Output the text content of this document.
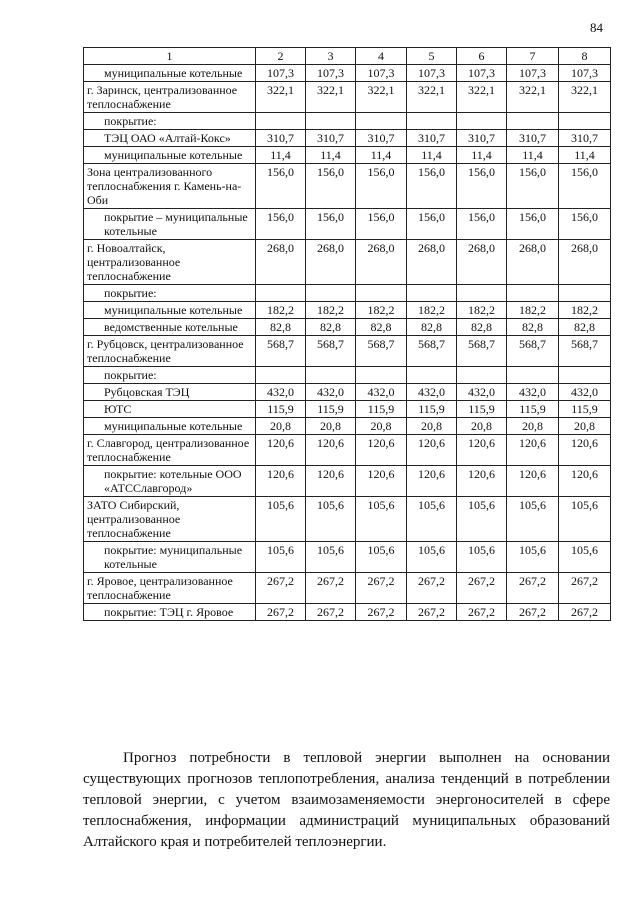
84
1	2	3	4	5	6	7	8
муниципальные котельные	107,3	107,3	107,3	107,3	107,3	107,3	107,3
г. Заринск, централизованное теплоснабжение	322,1	322,1	322,1	322,1	322,1	322,1	322,1
покрытие:							
ТЭЦ ОАО «Алтай-Кокс»	310,7	310,7	310,7	310,7	310,7	310,7	310,7
муниципальные котельные	11,4	11,4	11,4	11,4	11,4	11,4	11,4
Зона централизованного теплоснабжения г. Камень-на-Оби	156,0	156,0	156,0	156,0	156,0	156,0	156,0
покрытие – муниципальные котельные	156,0	156,0	156,0	156,0	156,0	156,0	156,0
г. Новоалтайск, централизованное теплоснабжение	268,0	268,0	268,0	268,0	268,0	268,0	268,0
покрытие:							
муниципальные котельные	182,2	182,2	182,2	182,2	182,2	182,2	182,2
ведомственные котельные	82,8	82,8	82,8	82,8	82,8	82,8	82,8
г. Рубцовск, централизованное теплоснабжение	568,7	568,7	568,7	568,7	568,7	568,7	568,7
покрытие:							
Рубцовская ТЭЦ	432,0	432,0	432,0	432,0	432,0	432,0	432,0
ЮТС	115,9	115,9	115,9	115,9	115,9	115,9	115,9
муниципальные котельные	20,8	20,8	20,8	20,8	20,8	20,8	20,8
г. Славгород, централизованное теплоснабжение	120,6	120,6	120,6	120,6	120,6	120,6	120,6
покрытие: котельные ООО «АТССлавгород»	120,6	120,6	120,6	120,6	120,6	120,6	120,6
ЗАТО Сибирский, централизованное теплоснабжение	105,6	105,6	105,6	105,6	105,6	105,6	105,6
покрытие: муниципальные котельные	105,6	105,6	105,6	105,6	105,6	105,6	105,6
г. Яровое, централизованное теплоснабжение	267,2	267,2	267,2	267,2	267,2	267,2	267,2
покрытие: ТЭЦ г. Яровое	267,2	267,2	267,2	267,2	267,2	267,2	267,2

Прогноз потребности в тепловой энергии выполнен на основании существующих прогнозов теплопотребления, анализа тенденций в потреблении тепловой энергии, с учетом взаимозаменяемости энергоносителей в сфере теплоснабжения, информации администраций муниципальных образований Алтайского края и потребителей теплоэнергии.
